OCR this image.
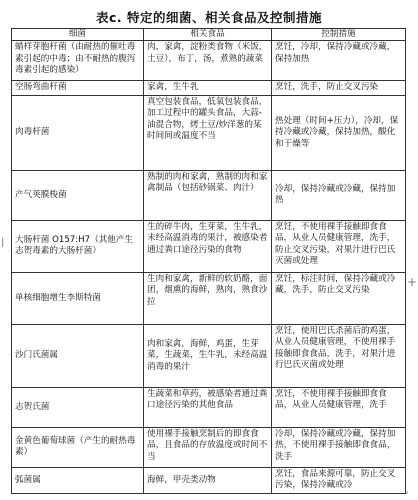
表c. 特定的细菌、相关食品及控制措施
|
+
⌟
细菌	相关食品	控制措施
蜡样芽胞杆菌（由耐热的催吐毒素引起的中毒；由不耐热的腹泻毒素引起的感染）	肉，家禽，淀粉类食物（米饭，土豆），布丁，汤，煮熟的蔬菜	烹饪，冷却，保持冷藏或冷藏，保持加热
空肠弯曲杆菌	家禽，生牛乳	烹饪，洗手，防止交叉污染
肉毒杆菌	真空包装食品，低氧包装食品，加工过程中的罐头食品，大蒜-油混合物，烤土豆/炒洋葱的某时间间或温度不当	热处理（时间+压力），冷却，保持冷藏或冷藏，保持加热，酸化和干燥等
产气荚膜梭菌	熟制的肉和家禽，熟制的肉和家禽制品（包括砂锅菜、肉汁）	冷却，保持冷藏或冷藏，保持加热
大肠杆菌 O157:H7（其他产生志贺毒素的大肠杆菌）	生的碎牛肉，生芽菜，生牛乳，未经高温消毒的果汁，被感染者通过粪口途径污染的食物	烹饪，不使用裸手接触即食食品，从业人员健康管理，洗手，防止交叉污染，对果汁进行巴氏灭菌或处理
单核细胞增生李斯特菌	生肉和家禽，新鲜的软奶酪，面团，烟熏的海鲜，熟肉，熟食沙拉	烹饪，标注时间，保持冷藏或冷藏，洗手，防止交叉污染
沙门氏菌属	肉和家禽，海鲜，鸡蛋，生芽菜，生蔬菜，生牛乳，未经高温消毒的果汁	烹饪，使用巴氏杀菌后的鸡蛋，从业人员健康管理，不使用裸手接触即食食品，洗手，对果汁进行巴氏灭菌或处理
志贺氏菌	生蔬菜和草药，被感染者通过粪口途径污染的其他食品	烹饪，不使用裸手接触即食食品，从业人员健康管理，洗手
金黄色葡萄球菌（产生的耐热毒素）	使用裸手接触烹制后的即食食品，且食品的存放温度或时间不当	冷却，保持冷藏或冷藏，保持加热，不使用裸手接触即食食品，洗手
弧菌属	海鲜，甲壳类动物	烹饪，食品来源可靠，防止交叉污染，保持冷藏或冷
